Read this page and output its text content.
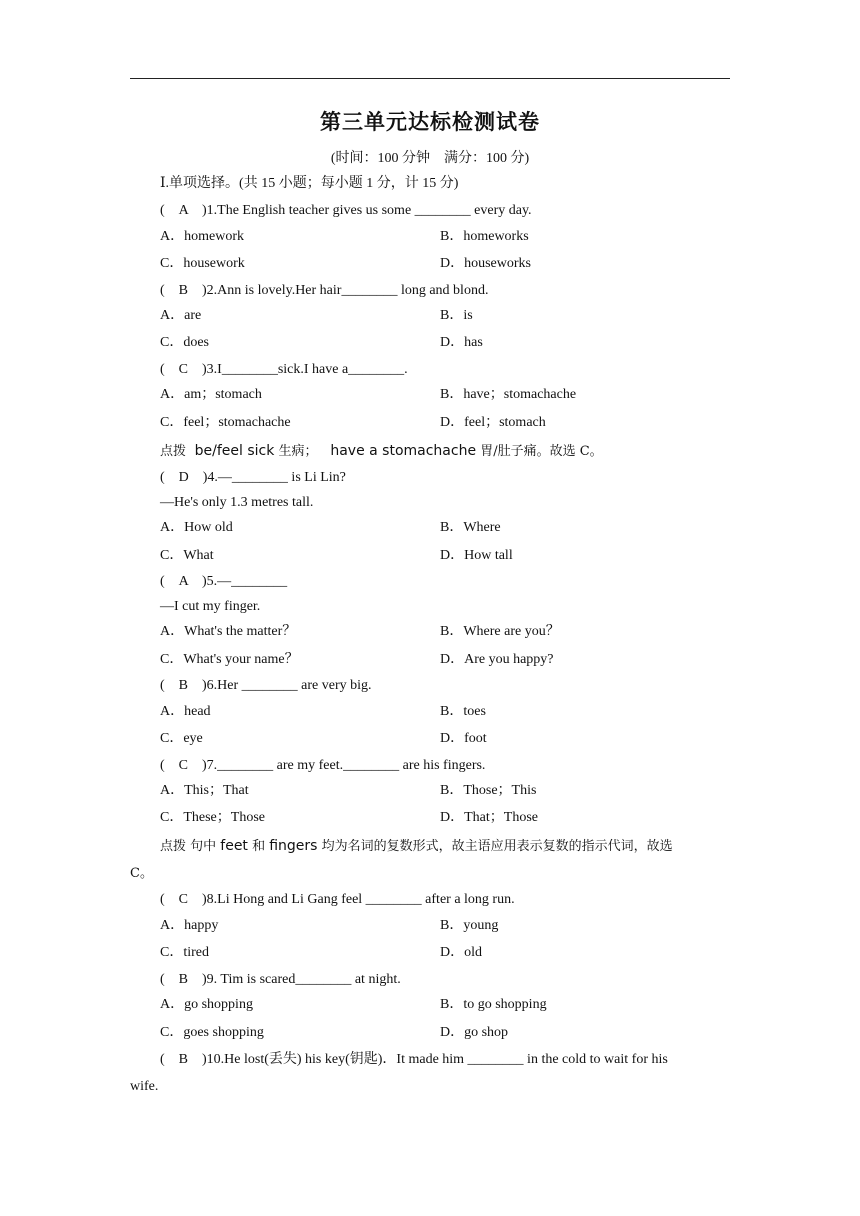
第三单元达标检测试卷
(时间：100 分钟　满分：100 分)
Ⅰ.单项选择。(共 15 小题；每小题 1 分，计 15 分)
(　A　)1.The English teacher gives us some ________ every day.
A．homework	B．homeworks
C．housework	D．houseworks
(　B　)2.Ann is lovely.Her hair________ long and blond.
A．are	B．is
C．does	D．has
(　C　)3.I________sick.I have a________.
A．am；stomach	B．have；stomachache
C．feel；stomachache	D．feel；stomach
点拨 be/feel sick 生病； have a stomachache 胃/肚子痛。故选 C。
(　D　)4.—________ is Li Lin?
—He's only 1.3 metres tall.
A．How old	B．Where
C．What	D．How tall
(　A　)5.—________
—I cut my finger.
A．What's the matter？	B．Where are you？
C．What's your name？	D．Are you happy?
(　B　)6.Her ________ are very big.
A．head	B．toes
C．eye	D．foot
(　C　)7.________ are my feet.________ are his fingers.
A．This；That	B．Those；This
C．These；Those	D．That；Those
点拨 句中 feet 和 fingers 均为名词的复数形式，故主语应用表示复数的指示代词，故选
C。
(　C　)8.Li Hong and Li Gang feel ________ after a long run.
A．happy	B．young
C．tired	D．old
(　B　)9. Tim is scared________ at night.
A．go shopping	B．to go shopping
C．goes shopping	D．go shop
(　B　)10.He lost(丢失) his key(钥匙)．It made him ________ in the cold to wait for his
wife.
